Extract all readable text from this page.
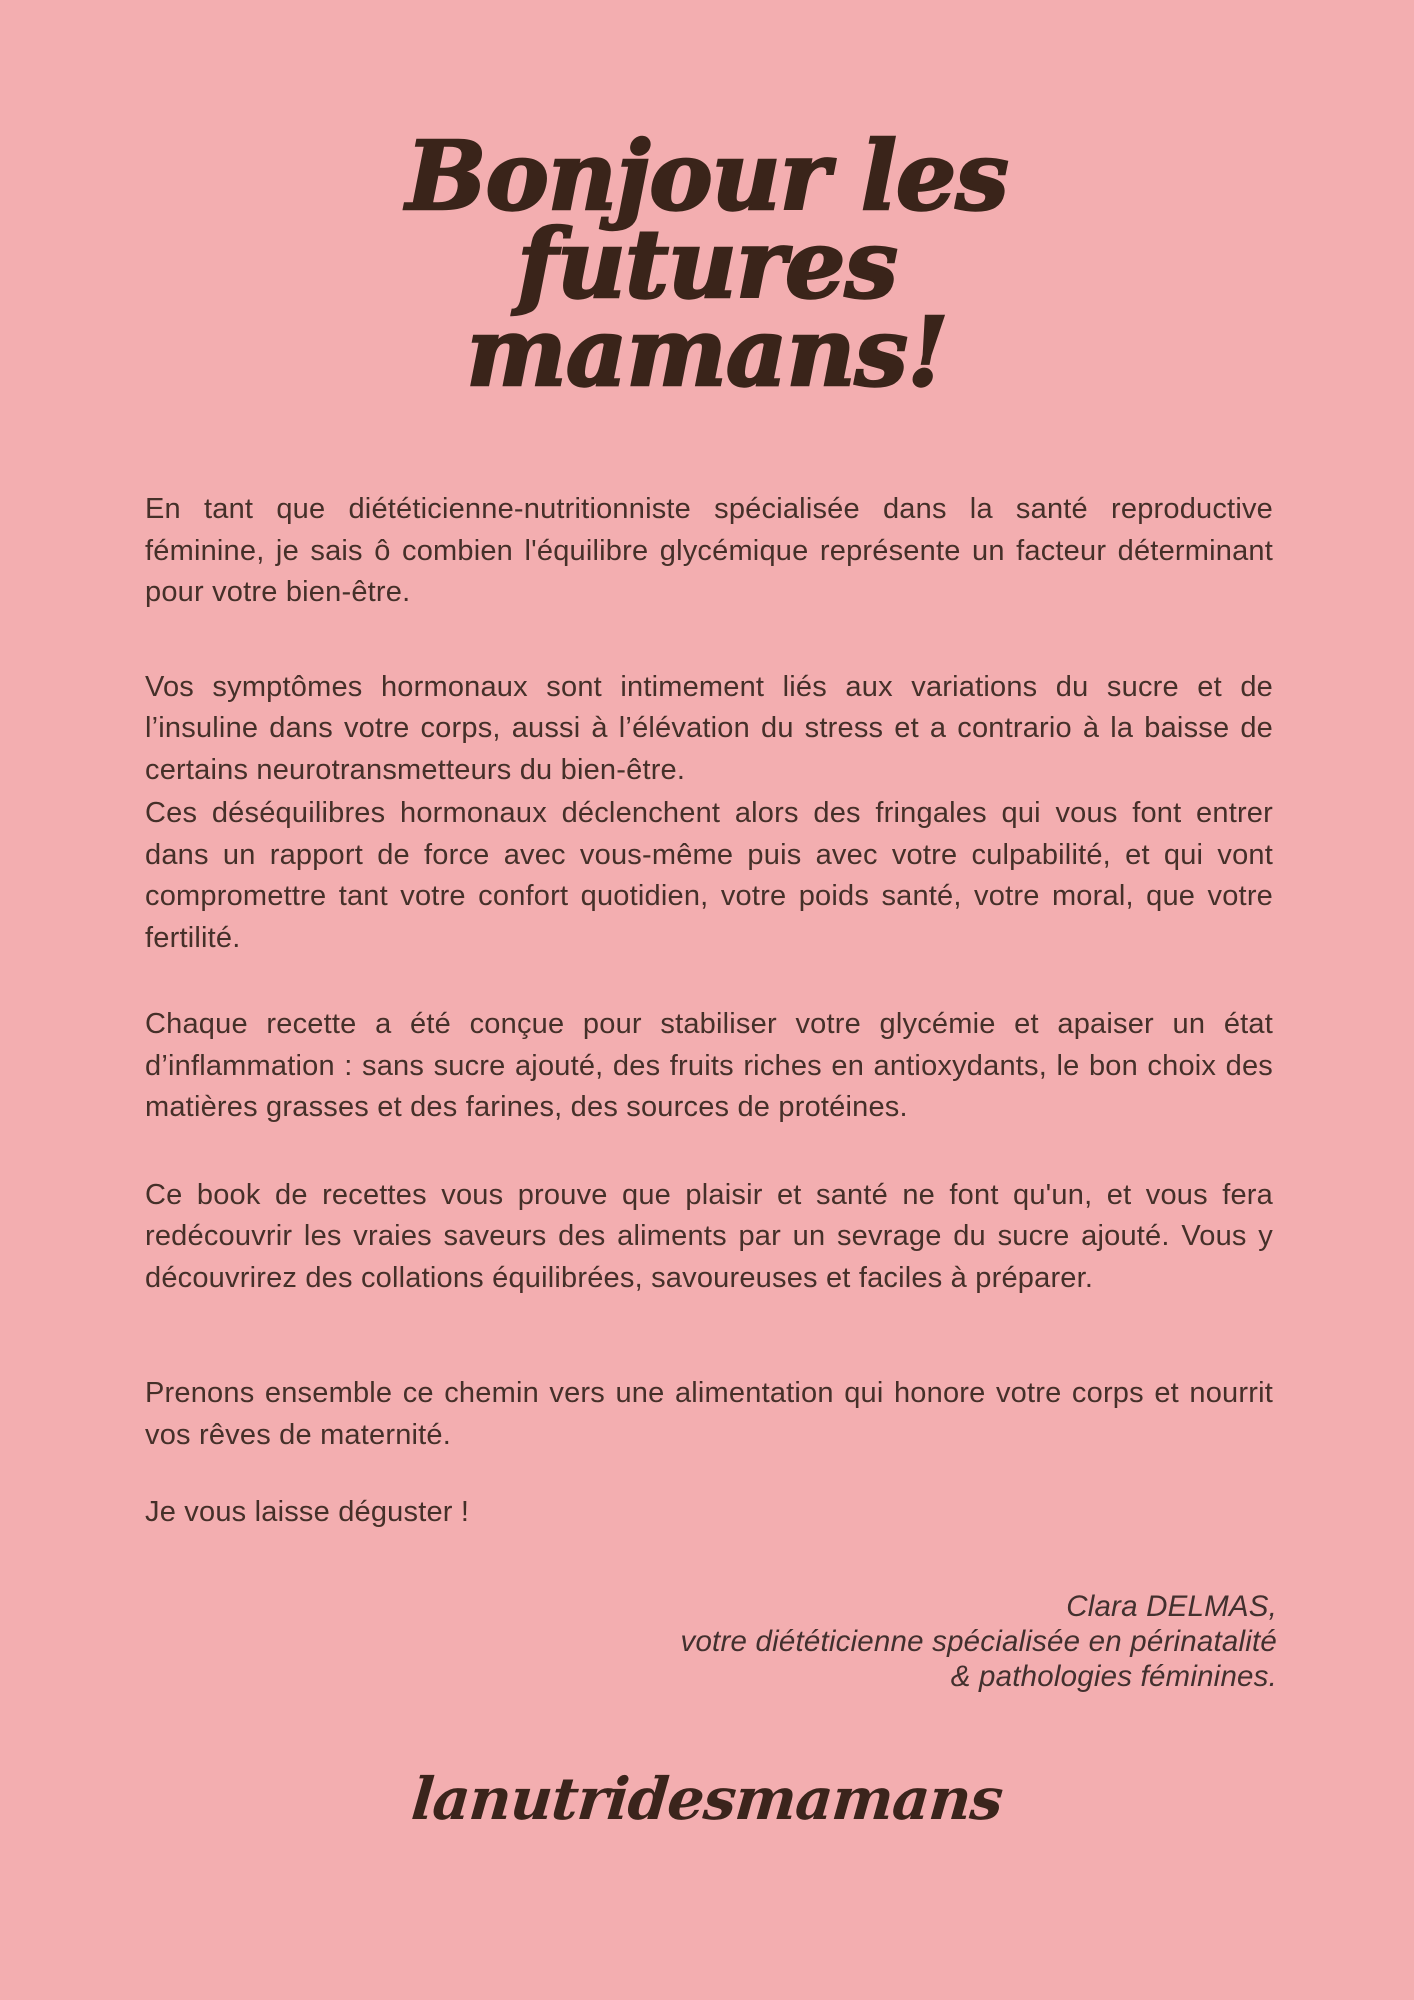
Bonjour les
futures
mamans!

En tant que diététicienne-nutritionniste spécialisée dans la santé reproductive féminine, je sais ô combien l'équilibre glycémique représente un facteur déterminant pour votre bien-être.

Vos symptômes hormonaux sont intimement liés aux variations du sucre et de l’insuline dans votre corps, aussi à l’élévation du stress et a contrario à la baisse de certains neurotransmetteurs du bien-être.

Ces déséquilibres hormonaux déclenchent alors des fringales qui vous font entrer dans un rapport de force avec vous-même puis avec votre culpabilité, et qui vont compromettre tant votre confort quotidien, votre poids santé, votre moral, que votre fertilité.

Chaque recette a été conçue pour stabiliser votre glycémie et apaiser un état d’inflammation : sans sucre ajouté, des fruits riches en antioxydants, le bon choix des matières grasses et des farines, des sources de protéines.

Ce book de recettes vous prouve que plaisir et santé ne font qu'un, et vous fera redécouvrir les vraies saveurs des aliments par un sevrage du sucre ajouté. Vous y découvrirez des collations équilibrées, savoureuses et faciles à préparer.

Prenons ensemble ce chemin vers une alimentation qui honore votre corps et nourrit vos rêves de maternité.

Je vous laisse déguster !

Clara DELMAS,
votre diététicienne spécialisée en périnatalité
& pathologies féminines.
lanutridesmamans
